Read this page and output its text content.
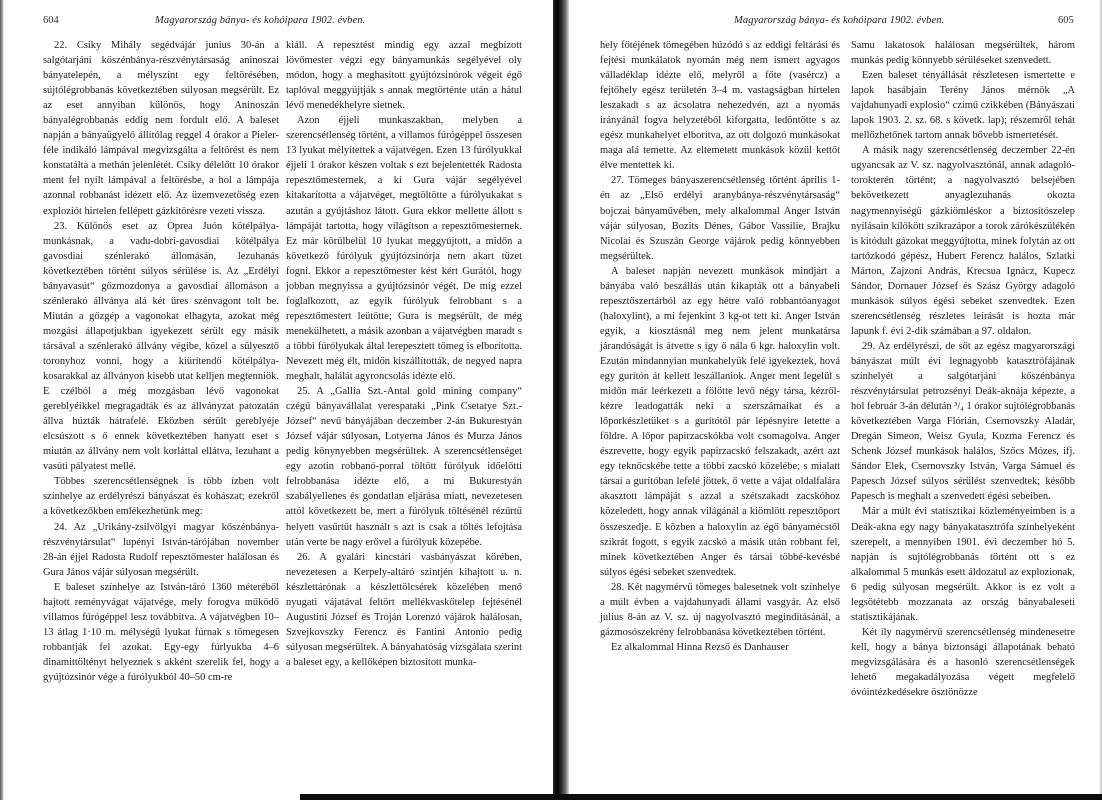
604	Magyarország bánya- és kohóipara 1902. évben.

22. Csiky Mihály segédvájár junius 30-án a salgótarjáni kőszénbánya-részvénytársaság aninoszai bányatelepén, a mélyszínt egy feltörésében, sújtólégrobbanás következtében súlyosan megsérült. Ez az eset annyiban különös, hogy Aninoszán bányalégrobbanás eddig nem fordult elő. A baleset napján a bányaügyelő állítólag reggel 4 órakor a Pieler-féle indikáló lámpával megvizsgálta a feltörést és nem konstatálta a methán jelenlétét. Csiky délelőtt 10 órakor ment fel nyílt lámpával a feltörésbe, a hol a lámpája azonnal robbanást idézett elő. Az üzemvezetőség ezen exploziót hirtelen fellépett gázkitörésre vezeti vissza.

23. Különös eset az Oprea Juón kötélpálya-munkásnak, a vadu-dobri-gavosdiai kötélpálya gavosdiai szénlerakó állomásán, lezuhanás következtében történt súlyos sérülése is. Az „Erdélyi bányavasút“ gőzmozdonya a gavosdiai állomáson a szénlerakó állványa alá két üres szénvagont tolt be. Miután a gőzgép a vagonokat elhagyta, azokat még mozgási állapotjukban igyekezett sérült egy másik társával a szénlerakó állvány végibe, közel a sülyesztő toronyhoz vonni, hogy a kiürítendő kötélpálya-kosarakkal az állványon kisebb utat kelljen megtenniök. E czélból a még mozgásban lévő vagonokat gereblyéikkel megragadták és az állványzat patozatán állva húzták hátrafelé. Eközben sérült gereblyéje elcsúszott s ő ennek következtében hanyatt eset s miután az állvány nem volt korláttal ellátva, lezuhant a vasúti pályatest mellé.

Többes szerencsétlenségnek is több ízben volt színhelye az erdélyrészi bányászat és kohászat; ezekről a következőkben emlékezhetünk meg:

24. Az „Urikány-zsilvölgyi magyar kőszénbánya-részvénytársulat“ lupényi István-tárójában november 28-án éjjel Radosta Rudolf repesztőmester halálosan és Gura János vájár súlyosan megsérült.

E baleset színhelye az István-táró 1360 méteréből hajtott reményvágat vájatvége, mely forogva működő villamos fúrógéppel lesz továbbítva. A vájatvégben 10–13 átlag 1·10 m. mélységű lyukat fúrnak s tömegesen robbantják fel azokat. Egy-egy fúrlyukba 4–6 dinamittöltényt helyeznek s akként szerelik fel, hogy a gyújtózsinór vége a fúrólyukból 40–50 cm-re

kiáll. A repesztést mindig egy azzal megbízott lövőmester végzi egy bányamunkás segélyével oly módon, hogy a meghasított gyújtózsinórok végeit égő taplóval meggyújtják s annak megtörténte után a hátul lévő menedékhelyre sietnek.

Azon éjjeli munkaszakban, melyben a szerencsétlenség történt, a villamos fúrógéppel összesen 13 lyukat mélyítettek a vájatvégen. Ezen 13 fúrólyukkal éjjeli 1 órakor készen voltak s ezt bejelentették Radosta repesztőmesternek, a ki Gura vájár segélyével kitakarította a vájatvéget, megtöltötte a fúrólyukakat s azután a gyújtáshoz látott. Gura ekkor mellette állott s lámpáját tartotta, hogy világítson a repesztőmesternek. Ez már körülbelül 10 lyukat meggyújtott, a midőn a következő fúrólyuk gyújtózsinórja nem akart tüzet fogni. Ekkor a repesztőmester kést kért Gurától, hogy jobban megnyissa a gyújtózsinór végét. De míg ezzel foglalkozott, az egyik fúrólyuk felrobbant s a repesztőmestert leütötte; Gura is megsérült, de még menekülhetett, a másik azonban a vájatvégben maradt s a többi fúrólyukak által lerepesztett tömeg is elborította. Nevezett még élt, midőn kiszállították, de negyed napra meghalt, halálát agyroncsolás idézte elő.

25. A „Gallia Szt.-Antal gold mining company“ czégű bányavállalat verespataki „Pink Csetatye Szt.-József“ nevű bányájában deczember 2-án Bukurestyán József vájár súlyosan, Lotyerna János és Murza János pedig könynyebben megsérültek. A szerencsétlenséget egy azotin robbanó-porral töltött fúrólyuk időelőtti felrobbanása idézte elő, a mi Bukurestyán szabályellenes és gondatlan eljárása miatt, nevezetesen attól következett be, mert a fúrólyuk töltésénél rézűrtű helyett vasűrtűt használt s azt is csak a töltés lefojtása után verte be nagy erővel a fúrólyuk közepébe.

26. A gyalári kincstári vasbányászat körében, nevezetesen a Kerpely-altáró szintjén kihajtott u. n. készlettárónak a készlettölcsérek közelében menő nyugati vájatával feltört mellékvaskőtelep fejtésénél Augustini József és Troján Lorenzó vájárok halálosan, Szvejkovszky Ferencz és Fantini Antonio pedig súlyosan megsérültek. A bányahatóság vizsgálata szerint a baleset egy, a kellőképen biztosított munka-

Magyarország bánya- és kohóipara 1902. évben.	605

hely főtéjének tömegében húzódó s az eddigi feltárási és fejtési munkálatok nyomán még nem ismert agyagos válladéklap idézte elő, melyről a főte (vasércz) a fejtőhely egész területén 3–4 m. vastagságban hirtelen leszakadt s az ácsolatra nehezedvén, azt a nyomás irányánál fogva helyzetéből kiforgatta, ledöntötte s az egész munkahelyet elborítva, az ott dolgozó munkásokat maga alá temette. Az eltemetett munkások közül kettőt élve mentettek ki.

27. Tömeges bányaszerencsétlenség történt április 1-én az „Első erdélyi aranybánya-részvénytársaság“ bojczai bányaművében, mely alkalommal Anger István vájár súlyosan, Bozits Dénes, Gábor Vassilie, Brajku Nicolai és Szuszán George vájárok pedig könnyebben megsérültek.

A baleset napján nevezett munkások mindjárt a bányába való beszállás után kikapták ott a bányabeli repesztőszertárból az egy hétre való robbantóanyagot (haloxylint), a mi fejenkint 3 kg-ot tett ki. Anger István egyik, a kiosztásnál meg nem jelent munkatársa járandóságát is átvette s így ő nála 6 kgr. haloxylin volt. Ezután mindannyian munkahelyük felé igyekeztek, hová egy gurítón át kellett leszállaniok. Anger ment legelül s midőn már leérkezett a fölötte levő négy társa, kézről-kézre leadogatták neki a szerszámaikat és a lőporkészletüket s a gurítótól pár lépésnyire letette a földre. A lőpor papirzacskókba volt csomagolva. Anger észrevette, hogy egyik papirzacskó felszakadt, azért azt egy teknőcskébe tette a többi zacskó közelébe; s mialatt társai a gurítóban lefelé jöttek, ő vette a vájat oldalfalára akasztott lámpáját s azzal a szétszakadt zacskóhoz közeledett, hogy annak világánál a kiömlött repesztőport összeszedje. E közben a haloxylin az égő bányamécstől szikrát fogott, s egyik zacskó a másik után robbant fel, minek következtében Anger és társai többé-kevésbé súlyos égési sebeket szenvedtek.

28. Két nagymérvű tömeges balesetnek volt színhelye a múlt évben a vajdahunyadi állami vasgyár. Az első julius 8-án az V. sz. új nagyolvasztó megindításánál, a gázmosószekrény felrobbanása következtében történt.

Ez alkalommal Hinna Rezső és Danhauser

Samu lakatosok halálosan megsérültek, három munkás pedig könnyebb sérüléseket szenvedett.

Ezen baleset tényállását részletesen ismertette e lapok hasábjain Terény János mérnök „A vajdahunyadi explosio“ czímű czikkében (Bányászati lapok 1903. 2. sz. 68. s követk. lap); részemről tehát mellőzhetőnek tartom annak bővebb ismertetését.

A másik nagy szerencsétlenség deczember 22-én ugyancsak az V. sz. nagyolvasztónál, annak adagoló-torokterén történt; a nagyolvasztó belsejében bekövetkezett anyaglezuhanás okozta nagymennyiségű gázkiömléskor a biztosítószelep nyílásain kilökött szikrazápor a torok zárókészülékén is kitódult gázokat meggyújtotta, minek folytán az ott tartózkodó gépész, Hubert Ferencz halálos, Szlatki Márton, Zajzoni András, Krecsua Ignácz, Kupecz Sándor, Dornauer József és Szász György adagoló munkások súlyos égési sebeket szenvedtek. Ezen szerencsétlenség részletes leírását is hozta már lapunk f. évi 2-dik számában a 97. oldalon.

29. Az erdélyrészi, de sőt az egész magyarországi bányászat múlt évi legnagyobb katasztrófájának színhelyét a salgótarjáni kőszénbánya részvénytársulat petrozsényi Deák-aknája képezte, a hol február 3-án délután ³/₄ 1 órakor sujtólégrobbanás következtében Varga Flórián, Csernovszky Aladár, Dregán Simeon, Weisz Gyula, Kozma Ferencz és Schenk József munkások halálos, Szőcs Mózes, ifj. Sándor Elek, Csernovszky István, Varga Sámuel és Papesch József súlyos sérülést szenvedtek; később Papesch is meghalt a szenvedett égési sebeiben.

Már a múlt évi statisztikai közleményeimben is a Deák-akna egy nagy bányakatasztrófa színhelyeként szerepelt, a mennyiben 1901. évi deczember hó 5. napján is sujtólégrobbanás történt ott s ez alkalommal 5 munkás esett áldozatul az explozionak, 6 pedig súlyosan megsérült. Akkor is ez volt a legsötétebb mozzanata az ország bányabaleseti statisztikájának.

Két ily nagymérvű szerencsétlenség mindenesetre kell, hogy a bánya biztonsági állapotának beható megvizsgálására és a hasonló szerencsétlenségek lehető megakadályozása végett megfelelő óvóintézkedésekre ösztönözze
